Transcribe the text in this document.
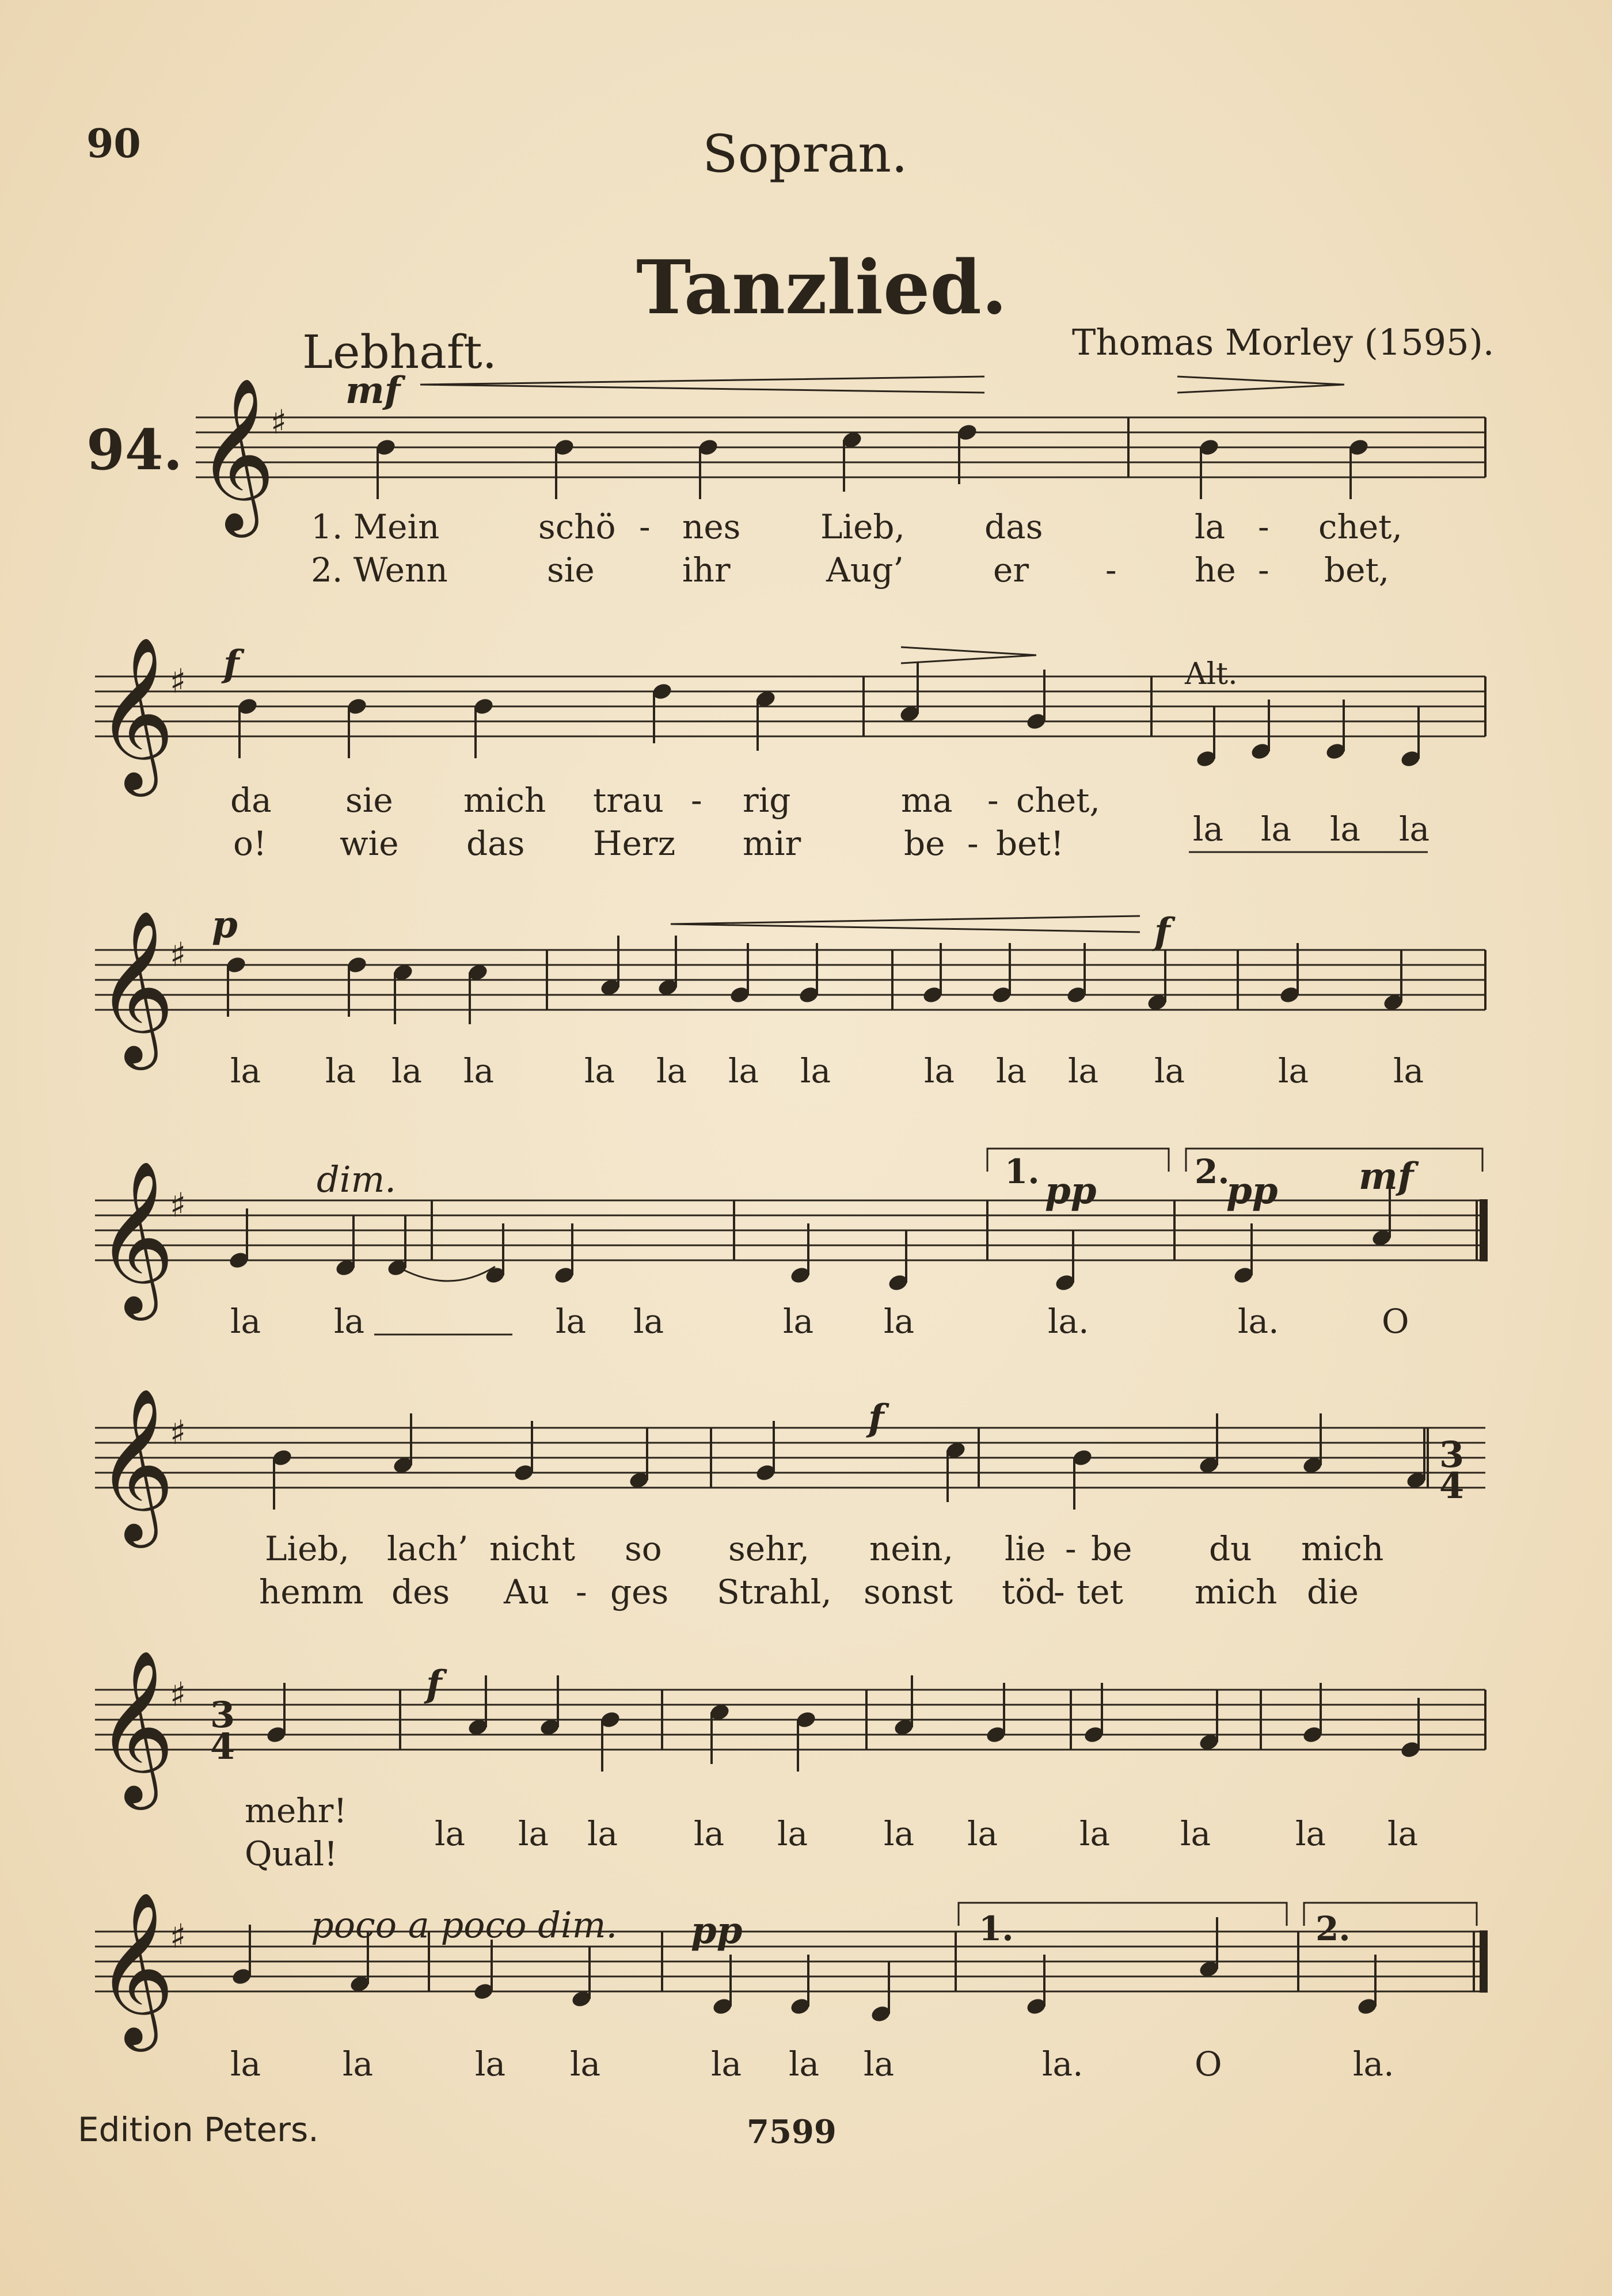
90	Sopran.
Tanzlied.
Lebhaft.	Thomas Morley (1595).
94.
Edition Peters.	7599
𝄞
♯
𝄞
♯
𝄞
♯
𝄞
♯
𝄞
♯
𝄞
♯
𝄞
♯
mf
f
p	f
dim.	pp	pp mf
f
f
poco a poco dim. pp
Alt.
1.	2.
1.	2.
3
4
3
4
1. Mein	schö - nes Lieb, das	la - chet,
2. Wenn	sie	ihr	Aug’	er - he - bet,
da sie mich trau - rig	ma - chet,
o! wie das Herz mir	be - bet!	la la la la
la la la la	la la la la	la la la la	la	la
la la	la la	la la	la.	la.	O
Lieb, lach’ nicht so sehr, nein, lie - be du mich
hemm des Au - ges Strahl, sonst töd
- tet mich die
mehr!
Qual!
la la la la la la la la la	la la
la la	la la	la la la	la.	O	la.
